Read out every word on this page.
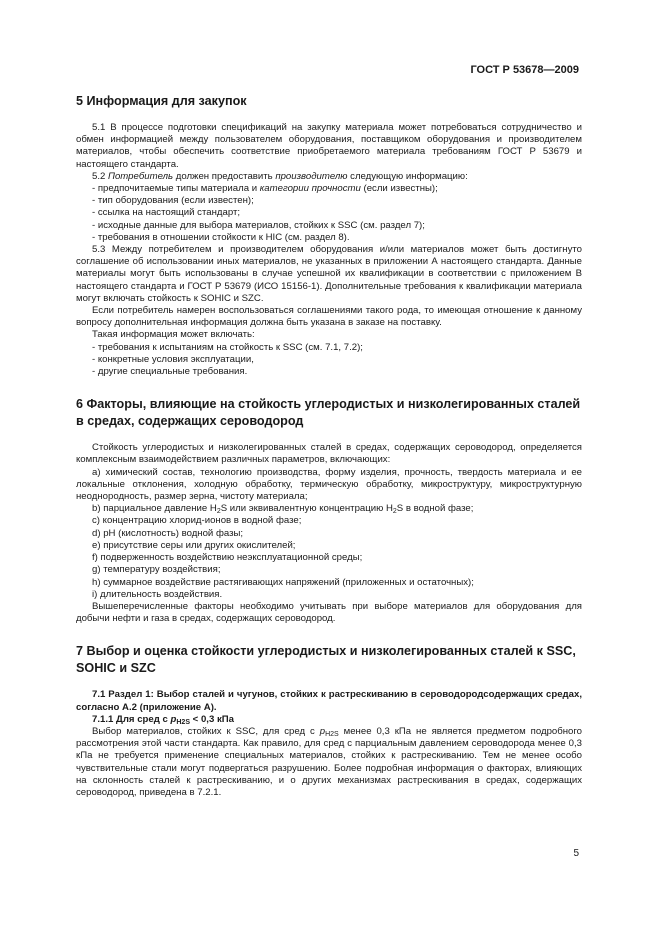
ГОСТ Р 53678—2009
5 Информация для закупок

5.1 В процессе подготовки спецификаций на закупку материала может потребоваться сотрудничество и обмен информацией между пользователем оборудования, поставщиком оборудования и производителем материалов, чтобы обеспечить соответствие приобретаемого материала требованиям ГОСТ Р 53679 и настоящего стандарта.

5.2 Потребитель должен предоставить производителю следующую информацию:

- предпочитаемые типы материала и категории прочности (если известны);

- тип оборудования (если известен);

- ссылка на настоящий стандарт;

- исходные данные для выбора материалов, стойких к SSC (см. раздел 7);

- требования в отношении стойкости к HIC (см. раздел 8).

5.3 Между потребителем и производителем оборудования и/или материалов может быть достигнуто соглашение об использовании иных материалов, не указанных в приложении А настоящего стандарта. Данные материалы могут быть использованы в случае успешной их квалификации в соответствии с приложением В настоящего стандарта и ГОСТ Р 53679 (ИСО 15156-1). Дополнительные требования к квалификации материала могут включать стойкость к SOHIC и SZC.

Если потребитель намерен воспользоваться соглашениями такого рода, то имеющая отношение к данному вопросу дополнительная информация должна быть указана в заказе на поставку.

Такая информация может включать:

- требования к испытаниям на стойкость к SSC (см. 7.1, 7.2);

- конкретные условия эксплуатации,

- другие специальные требования.

6 Факторы, влияющие на стойкость углеродистых и низколегированных сталей в средах, содержащих сероводород

Стойкость углеродистых и низколегированных сталей в средах, содержащих сероводород, определяется комплексным взаимодействием различных параметров, включающих:

а) химический состав, технологию производства, форму изделия, прочность, твердость материала и ее локальные отклонения, холодную обработку, термическую обработку, микроструктуру, микроструктурную неоднородность, размер зерна, чистоту материала;

b) парциальное давление $H_2S$ или эквивалентную концентрацию $H_2S$ в водной фазе;

c) концентрацию хлорид-ионов в водной фазе;

d) pH (кислотность) водной фазы;

e) присутствие серы или других окислителей;

f) подверженность воздействию неэксплуатационной среды;

g) температуру воздействия;

h) суммарное воздействие растягивающих напряжений (приложенных и остаточных);

i) длительность воздействия.

Вышеперечисленные факторы необходимо учитывать при выборе материалов для оборудования для добычи нефти и газа в средах, содержащих сероводород.

7 Выбор и оценка стойкости углеродистых и низколегированных сталей к SSC, SOHIC и SZC

7.1 Раздел 1: Выбор сталей и чугунов, стойких к растрескиванию в сероводородсодержащих средах, согласно А.2 (приложение А).

7.1.1 Для сред с $p_{H2S} < 0,3$ кПа

Выбор материалов, стойких к SSC, для сред с $p_{H2S}$ менее 0,3 кПа не является предметом подробного рассмотрения этой части стандарта. Как правило, для сред с парциальным давлением сероводорода менее 0,3 кПа не требуется применение специальных материалов, стойких к растрескиванию. Тем не менее особо чувствительные стали могут подвергаться разрушению. Более подробная информация о факторах, влияющих на склонность сталей к растрескиванию, и о других механизмах растрескивания в средах, содержащих сероводород, приведена в 7.2.1.

5
